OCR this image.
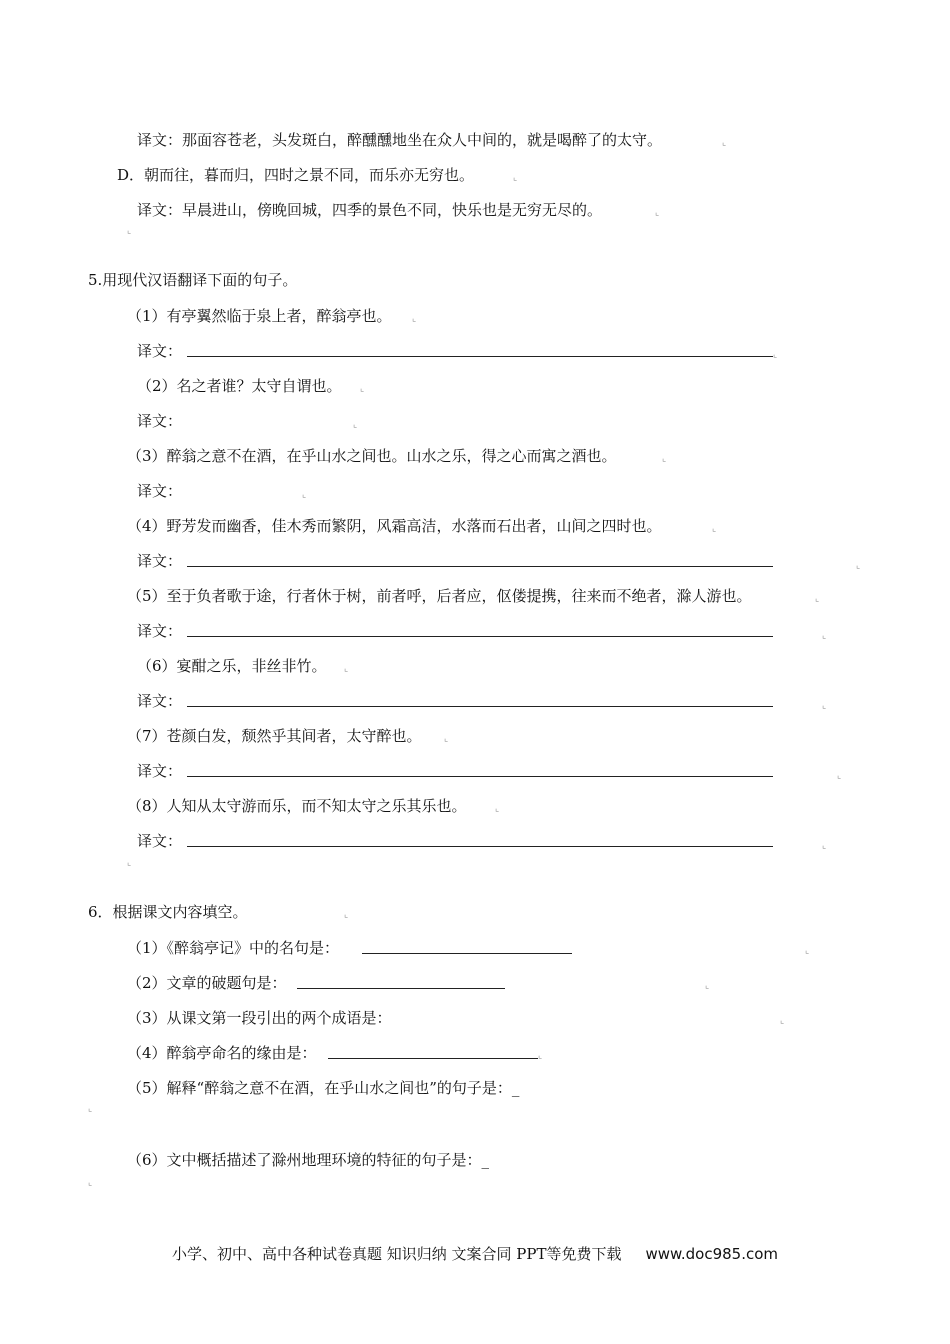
译文：那面容苍老，头发斑白，醉醺醺地坐在众人中间的，就是喝醉了的太守。	⌞
D．朝而往，暮而归，四时之景不同，而乐亦无穷也。	⌞
译文：早晨进山，傍晚回城，四季的景色不同，快乐也是无穷无尽的。	⌞
⌞
5.用现代汉语翻译下面的句子。
（1）有亭翼然临于泉上者，醉翁亭也。 ⌞
译文：	⌞
（2）名之者谁？太守自谓也。 ⌞
译文：	⌞
（3）醉翁之意不在酒，在乎山水之间也。山水之乐，得之心而寓之酒也。	⌞
译文：	⌞
（4）野芳发而幽香，佳木秀而繁阴，风霜高洁，水落而石出者，山间之四时也。	⌞
译文：	⌞
（5）至于负者歌于途，行者休于树，前者呼，后者应，伛偻提携，往来而不绝者，滁人游也。	⌞
译文：	⌞
（6）宴酣之乐，非丝非竹。 ⌞
译文：	⌞
（7）苍颜白发，颓然乎其间者，太守醉也。 ⌞
译文：	⌞
（8）人知从太守游而乐，而不知太守之乐其乐也。	⌞
译文：	⌞
⌞
6．根据课文内容填空。	⌞
（1）《醉翁亭记》中的名句是：	⌞
（2）文章的破题句是：	⌞
（3）从课文第一段引出的两个成语是：	⌞
（4）醉翁亭命名的缘由是：	⌞
（5）解释“醉翁之意不在酒，在乎山水之间也”的句子是：_
⌞
（6）文中概括描述了滁州地理环境的特征的句子是：_
⌞
小学、初中、高中各种试卷真题 知识归纳 文案合同 PPT等免费下载 www.doc985.com
